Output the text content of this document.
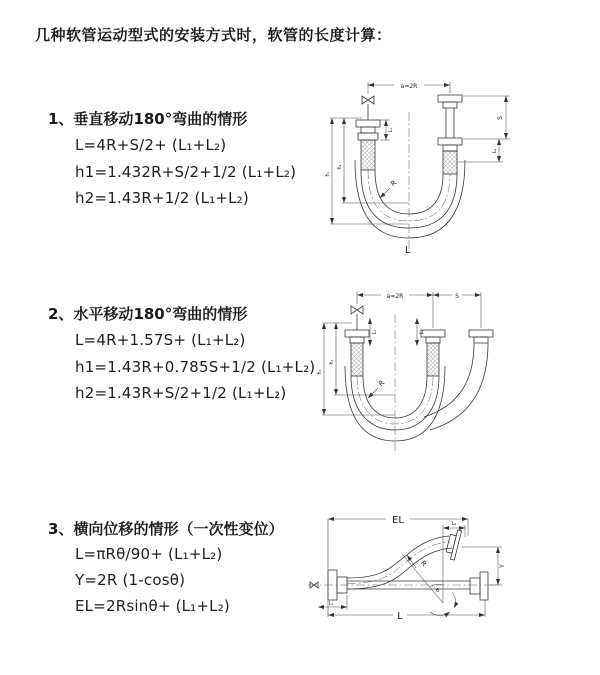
几种软管运动型式的安装方式时，软管的长度计算：
1、垂直移动180°弯曲的情形
L=4R+S/2+ (L₁+L₂)
h1=1.432R+S/2+1/2 (L₁+L₂)
h2=1.43R+1/2 (L₁+L₂)
a=2R
S
L₂
h₁
h₂
L₁
R
L
2、水平移动180°弯曲的情形
L=4R+1.57S+ (L₁+L₂)
h1=1.43R+0.785S+1/2 (L₁+L₂)
h2=1.43R+S/2+1/2 (L₁+L₂)
a=2R	S
h₁
h₂
L₁	L₂
R
3、横向位移的情形（一次性变位）
L=πRθ/90+ (L₁+L₂)
Y=2R (1-cosθ)
EL=2Rsinθ+ (L₁+L₂)
θ
R
EL	L₂
Y
L₁
L
